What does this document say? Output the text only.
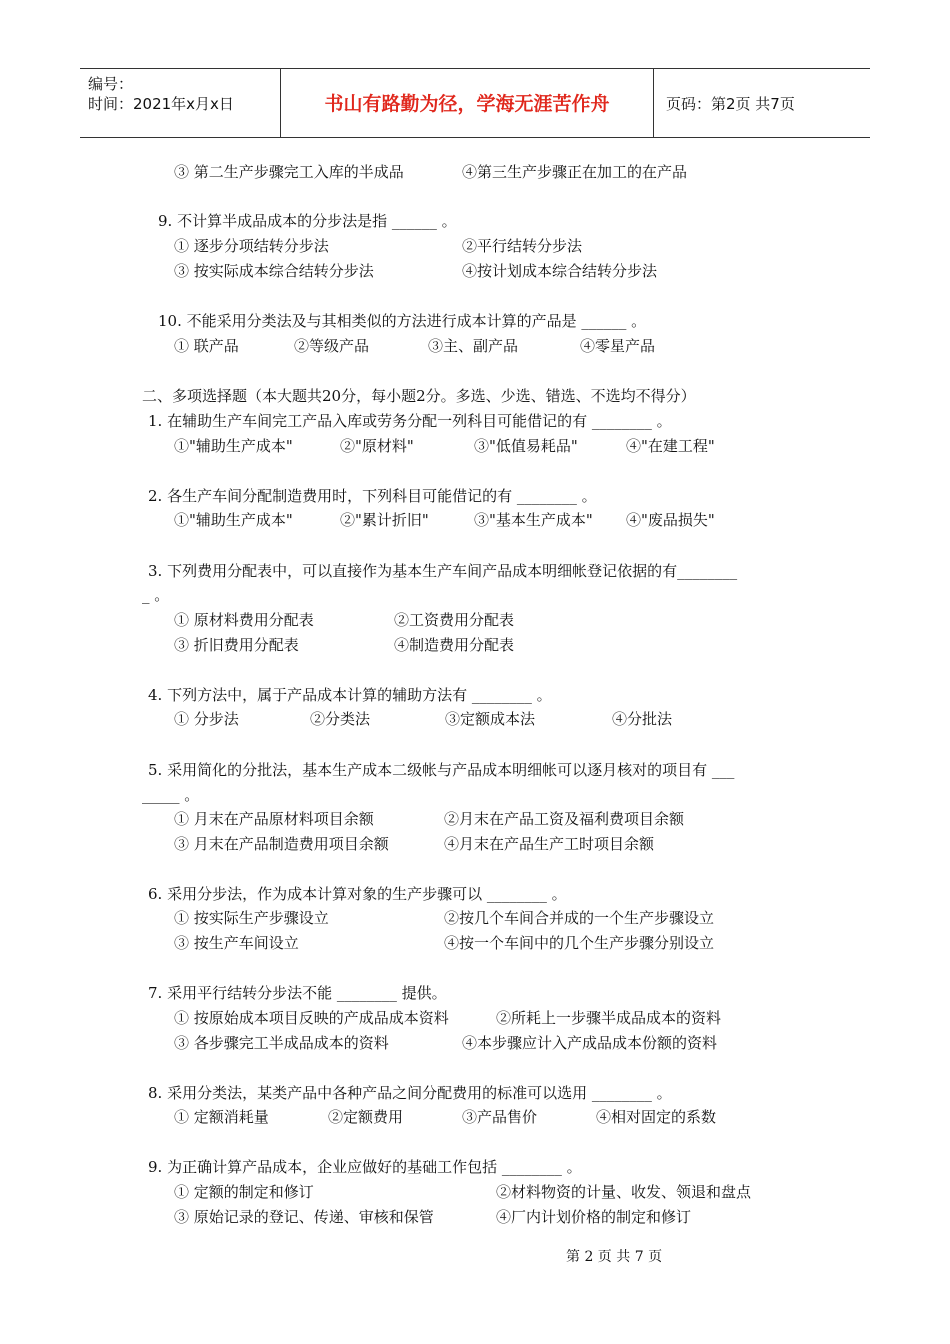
编号：
时间：2021年x月x日	书山有路勤为径，学海无涯苦作舟	页码：第2页 共7页
③ 第二生产步骤完工入库的半成品	④第三生产步骤正在加工的在产品
9. 不计算半成品成本的分步法是指 ______ 。
① 逐步分项结转分步法	②平行结转分步法
③ 按实际成本综合结转分步法	④按计划成本综合结转分步法
10. 不能采用分类法及与其相类似的方法进行成本计算的产品是 ______ 。
① 联产品	②等级产品	③主、副产品	④零星产品
二、多项选择题（本大题共20分，每小题2分。多选、少选、错选、不选均不得分）
1. 在辅助生产车间完工产品入库或劳务分配一列科目可能借记的有 ________ 。
①"辅助生产成本"	②"原材料"	③"低值易耗品"	④"在建工程"
2. 各生产车间分配制造费用时，下列科目可能借记的有 ________ 。
①"辅助生产成本"	②"累计折旧"	③"基本生产成本" ④"废品损失"
3. 下列费用分配表中，可以直接作为基本生产车间产品成本明细帐登记依据的有________
_ 。
① 原材料费用分配表	②工资费用分配表
③ 折旧费用分配表	④制造费用分配表
4. 下列方法中，属于产品成本计算的辅助方法有 ________ 。
① 分步法	②分类法	③定额成本法	④分批法
5. 采用简化的分批法，基本生产成本二级帐与产品成本明细帐可以逐月核对的项目有 ___
_____ 。
① 月末在产品原材料项目余额	②月末在产品工资及福利费项目余额
③ 月末在产品制造费用项目余额	④月末在产品生产工时项目余额
6. 采用分步法，作为成本计算对象的生产步骤可以 ________ 。
① 按实际生产步骤设立	②按几个车间合并成的一个生产步骤设立
③ 按生产车间设立	④按一个车间中的几个生产步骤分别设立
7. 采用平行结转分步法不能 ________ 提供。
① 按原始成本项目反映的产成品成本资料	②所耗上一步骤半成品成本的资料
③ 各步骤完工半成品成本的资料	④本步骤应计入产成品成本份额的资料
8. 采用分类法，某类产品中各种产品之间分配费用的标准可以选用 ________ 。
① 定额消耗量	②定额费用	③产品售价	④相对固定的系数
9. 为正确计算产品成本，企业应做好的基础工作包括 ________ 。
① 定额的制定和修订	②材料物资的计量、收发、领退和盘点
③ 原始记录的登记、传递、审核和保管	④厂内计划价格的制定和修订
第 2 页 共 7 页
